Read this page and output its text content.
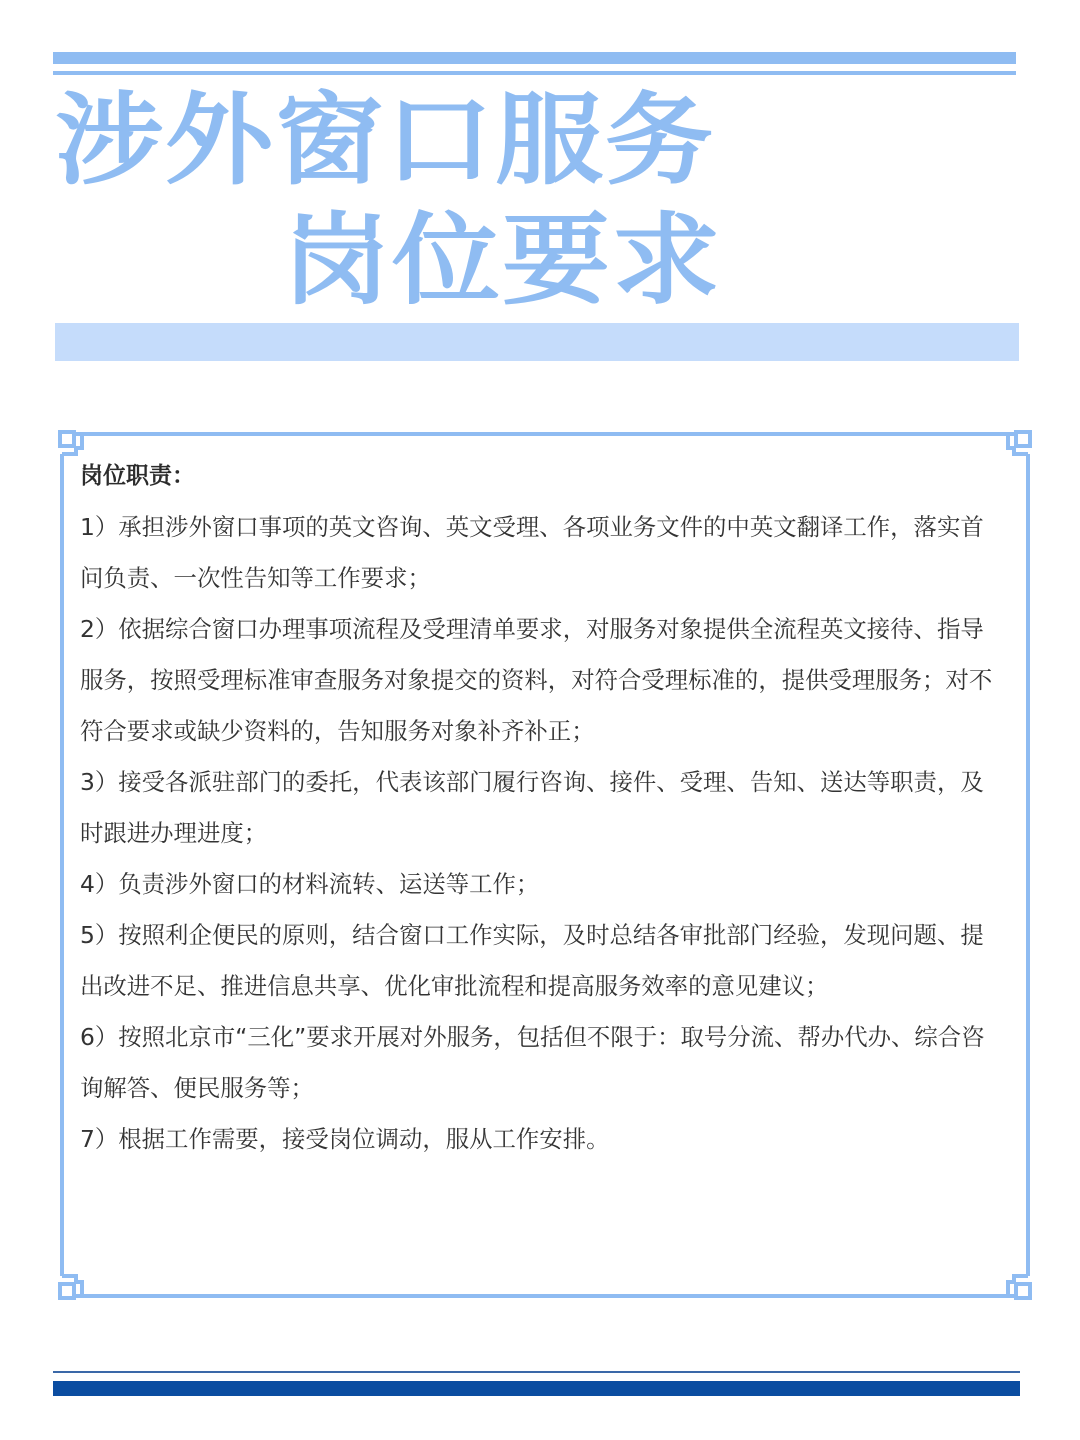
涉外窗口服务
岗位要求

岗位职责：

1）承担涉外窗口事项的英文咨询、英文受理、各项业务文件的中英文翻译工作，落实首问负责、一次性告知等工作要求；

2）依据综合窗口办理事项流程及受理清单要求，对服务对象提供全流程英文接待、指导服务，按照受理标准审查服务对象提交的资料，对符合受理标准的，提供受理服务；对不符合要求或缺少资料的，告知服务对象补齐补正；

3）接受各派驻部门的委托，代表该部门履行咨询、接件、受理、告知、送达等职责，及时跟进办理进度；

4）负责涉外窗口的材料流转、运送等工作；

5）按照利企便民的原则，结合窗口工作实际，及时总结各审批部门经验，发现问题、提出改进不足、推进信息共享、优化审批流程和提高服务效率的意见建议；

6）按照北京市“三化”要求开展对外服务，包括但不限于：取号分流、帮办代办、综合咨询解答、便民服务等；

7）根据工作需要，接受岗位调动，服从工作安排。
